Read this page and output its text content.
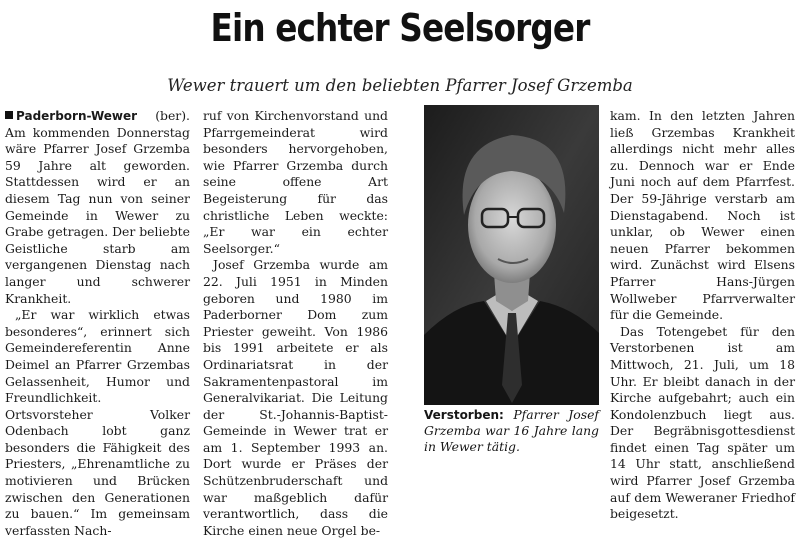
Ein echter Seelsorger
Wewer trauert um den beliebten Pfarrer Josef Grzemba

Paderborn-Wewer (ber). Am kommenden Donnerstag wäre Pfarrer Josef Grzemba 59 Jahre alt geworden. Stattdessen wird er an diesem Tag nun von seiner Gemeinde in Wewer zu Grabe getragen. Der beliebte Geistliche starb am vergangenen Dienstag nach langer und schwerer Krankheit.

„Er war wirklich etwas besonderes“, erinnert sich Gemeindereferentin Anne Deimel an Pfarrer Grzembas Gelassenheit, Humor und Freundlichkeit. Ortsvorsteher Volker Odenbach lobt ganz besonders die Fähigkeit des Priesters, „Ehrenamtliche zu motivieren und Brücken zwischen den Generationen zu bauen.“ Im gemeinsam verfassten Nach-

ruf von Kirchenvorstand und Pfarrgemeinderat wird besonders hervorgehoben, wie Pfarrer Grzemba durch seine offene Art Begeisterung für das christliche Leben weckte: „Er war ein echter Seelsorger.“

Josef Grzemba wurde am 22. Juli 1951 in Minden geboren und 1980 im Paderborner Dom zum Priester geweiht. Von 1986 bis 1991 arbeitete er als Ordinariatsrat in der Sakramentenpastoral im Generalvikariat. Die Leitung der St.-Johannis-Baptist-Gemeinde in Wewer trat er am 1. September 1993 an. Dort wurde er Präses der Schützenbruderschaft und war maßgeblich dafür verantwortlich, dass die Kirche einen neue Orgel be-

Verstorben: Pfarrer Josef Grzemba war 16 Jahre lang in Wewer tätig.

kam. In den letzten Jahren ließ Grzembas Krankheit allerdings nicht mehr alles zu. Dennoch war er Ende Juni noch auf dem Pfarrfest. Der 59-Jährige verstarb am Dienstagabend. Noch ist unklar, ob Wewer einen neuen Pfarrer bekommen wird. Zunächst wird Elsens Pfarrer Hans-Jürgen Wollweber Pfarrverwalter für die Gemeinde.

Das Totengebet für den Verstorbenen ist am Mittwoch, 21. Juli, um 18 Uhr. Er bleibt danach in der Kirche aufgebahrt; auch ein Kondolenzbuch liegt aus. Der Begräbnisgottesdienst findet einen Tag später um 14 Uhr statt, anschließend wird Pfarrer Josef Grzemba auf dem Weweraner Friedhof beigesetzt.
